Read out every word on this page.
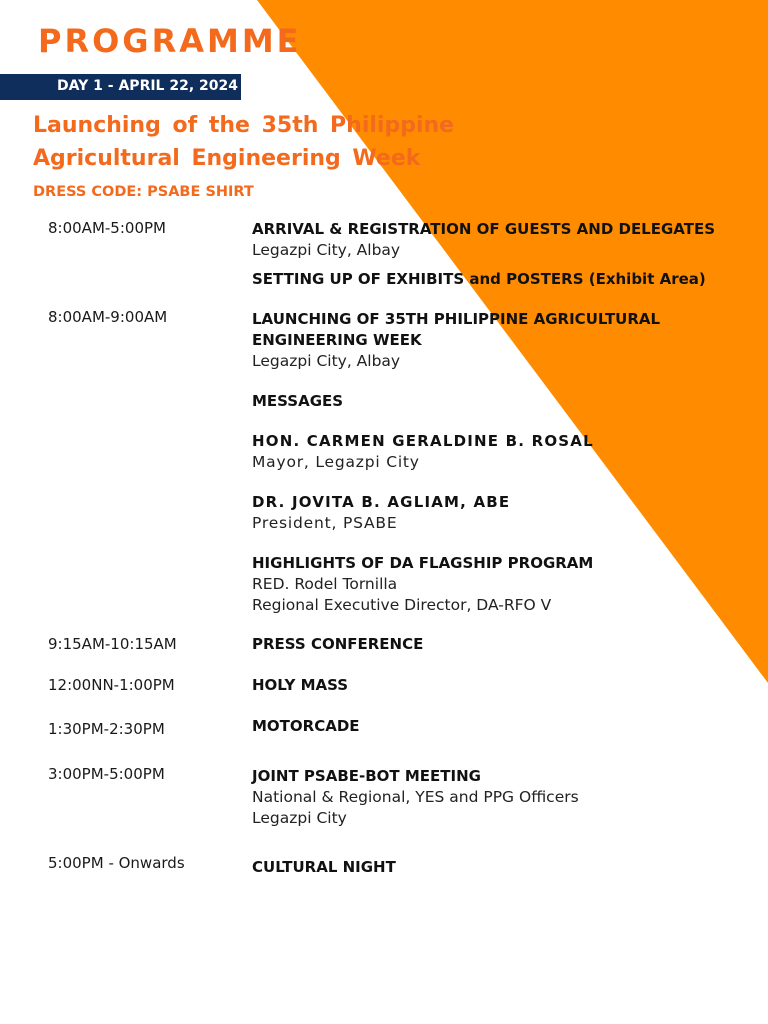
PROGRAMME
DAY 1 - APRIL 22, 2024
Launching of the 35th Philippine Agricultural Engineering Week
DRESS CODE: PSABE SHIRT
8:00AM-5:00PM	ARRIVAL & REGISTRATION OF GUESTS AND DELEGATES
Legazpi City, Albay
SETTING UP OF EXHIBITS and POSTERS (Exhibit Area)
8:00AM-9:00AM	LAUNCHING OF 35TH PHILIPPINE AGRICULTURAL ENGINEERING WEEK
Legazpi City, Albay
MESSAGES
HON. CARMEN GERALDINE B. ROSAL
Mayor, Legazpi City
DR. JOVITA B. AGLIAM, ABE
President, PSABE
HIGHLIGHTS OF DA FLAGSHIP PROGRAM
RED. Rodel Tornilla
Regional Executive Director, DA-RFO V
9:15AM-10:15AM	PRESS CONFERENCE
12:00NN-1:00PM	HOLY MASS
1:30PM-2:30PM	MOTORCADE
3:00PM-5:00PM	JOINT PSABE-BOT MEETING
National & Regional, YES and PPG Officers
Legazpi City
5:00PM - Onwards	CULTURAL NIGHT
